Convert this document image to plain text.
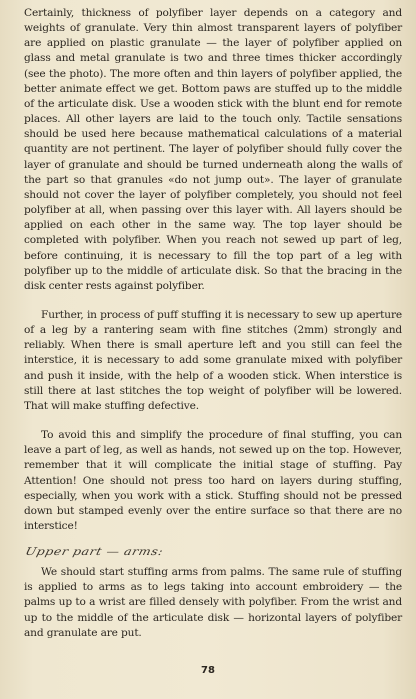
Certainly, thickness of polyfiber layer depends on a category and weights of granulate. Very thin almost transparent layers of polyfiber are applied on plastic granulate — the layer of polyfiber applied on glass and metal granulate is two and three times thicker accordingly (see the photo). The more often and thin layers of polyfiber applied, the better animate effect we get. Bottom paws are stuffed up to the middle of the articulate disk. Use a wooden stick with the blunt end for remote places. All other layers are laid to the touch only. Tactile sensations should be used here because mathematical calculations of a material quantity are not pertinent. The layer of polyfiber should fully cover the layer of granulate and should be turned underneath along the walls of the part so that granules «do not jump out». The layer of granulate should not cover the layer of polyfiber completely, you should not feel polyfiber at all, when passing over this layer with. All layers should be applied on each other in the same way. The top layer should be completed with polyfiber. When you reach not sewed up part of leg, before continuing, it is necessary to fill the top part of a leg with polyfiber up to the middle of articulate disk. So that the bracing in the disk center rests against polyfiber.

Further, in process of puff stuffing it is necessary to sew up aperture of a leg by a rantering seam with fine stitches (2mm) strongly and reliably. When there is small aperture left and you still can feel the interstice, it is necessary to add some granulate mixed with polyfiber and push it inside, with the help of a wooden stick. When interstice is still there at last stitches the top weight of polyfiber will be lowered. That will make stuffing defective.

To avoid this and simplify the procedure of final stuffing, you can leave a part of leg, as well as hands, not sewed up on the top. However, remember that it will complicate the initial stage of stuffing. Pay Attention! One should not press too hard on layers during stuffing, especially, when you work with a stick. Stuffing should not be pressed down but stamped evenly over the entire surface so that there are no interstice!

Upper part — arms:

We should start stuffing arms from palms. The same rule of stuffing is applied to arms as to legs taking into account embroidery — the palms up to a wrist are filled densely with polyfiber. From the wrist and up to the middle of the articulate disk — horizontal layers of polyfiber and granulate are put.

78
